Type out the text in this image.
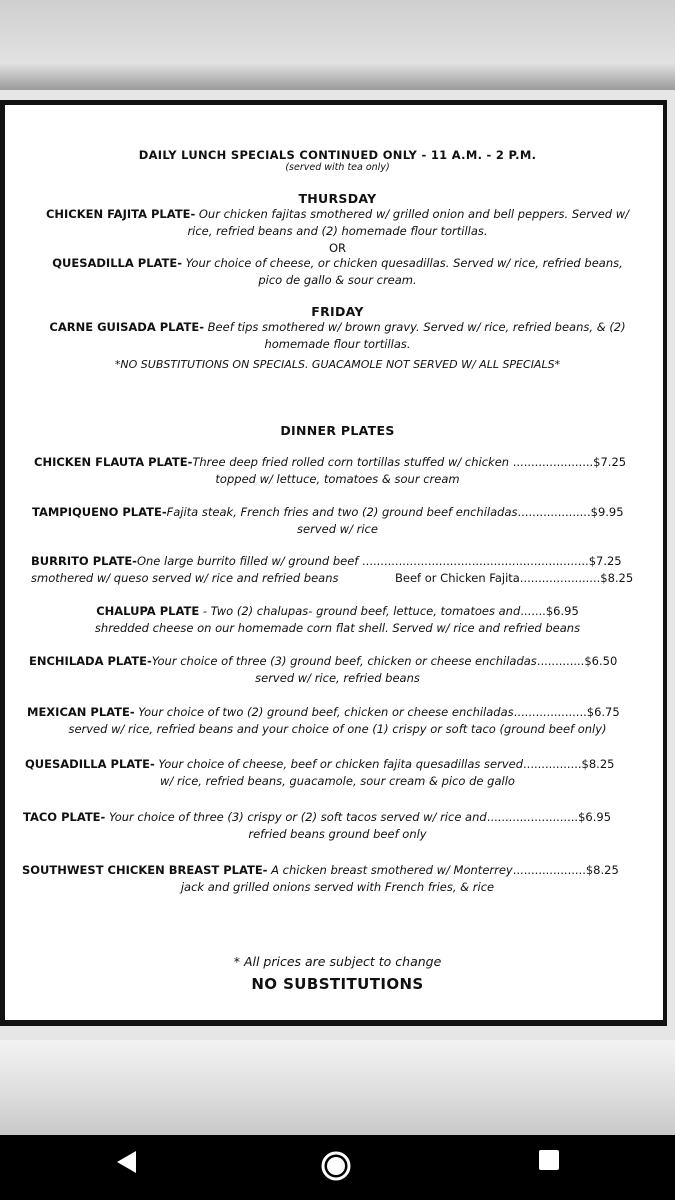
DAILY LUNCH SPECIALS CONTINUED ONLY - 11 A.M. - 2 P.M.
(served with tea only)
THURSDAY
CHICKEN FAJITA PLATE- Our chicken fajitas smothered w/ grilled onion and bell peppers. Served w/
rice, refried beans and (2) homemade flour tortillas.
OR
QUESADILLA PLATE- Your choice of cheese, or chicken quesadillas. Served w/ rice, refried beans,
pico de gallo & sour cream.
FRIDAY
CARNE GUISADA PLATE- Beef tips smothered w/ brown gravy. Served w/ rice, refried beans, & (2)
homemade flour tortillas.
*NO SUBSTITUTIONS ON SPECIALS. GUACAMOLE NOT SERVED W/ ALL SPECIALS*
DINNER PLATES
CHICKEN FLAUTA PLATE-Three deep fried rolled corn tortillas stuffed w/ chicken ......................$7.25
topped w/ lettuce, tomatoes & sour cream
TAMPIQUENO PLATE-Fajita steak, French fries and two (2) ground beef enchiladas....................$9.95
served w/ rice
BURRITO PLATE-One large burrito filled w/ ground beef ..............................................................$7.25
smothered w/ queso served w/ rice and refried beans	Beef or Chicken Fajita......................$8.25
CHALUPA PLATE - Two (2) chalupas- ground beef, lettuce, tomatoes and.......$6.95
shredded cheese on our homemade corn flat shell. Served w/ rice and refried beans
ENCHILADA PLATE-Your choice of three (3) ground beef, chicken or cheese enchiladas.............$6.50
served w/ rice, refried beans
MEXICAN PLATE- Your choice of two (2) ground beef, chicken or cheese enchiladas....................$6.75
served w/ rice, refried beans and your choice of one (1) crispy or soft taco (ground beef only)
QUESADILLA PLATE- Your choice of cheese, beef or chicken fajita quesadillas served................$8.25
w/ rice, refried beans, guacamole, sour cream & pico de gallo
TACO PLATE- Your choice of three (3) crispy or (2) soft tacos served w/ rice and.........................$6.95
refried beans ground beef only
SOUTHWEST CHICKEN BREAST PLATE- A chicken breast smothered w/ Monterrey....................$8.25
jack and grilled onions served with French fries, & rice
* All prices are subject to change
NO SUBSTITUTIONS
